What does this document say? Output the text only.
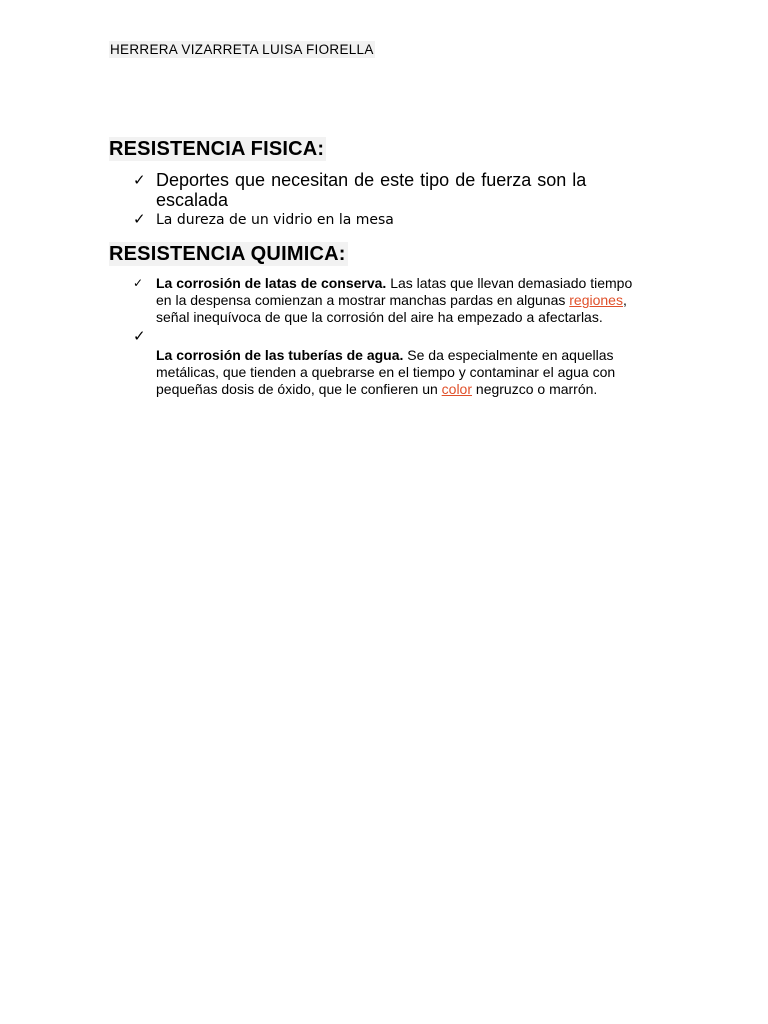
HERRERA VIZARRETA LUISA FIORELLA
RESISTENCIA FISICA:
✓ Deportes que necesitan de este tipo de fuerza son la escalada
✓ La dureza de un vidrio en la mesa
RESISTENCIA QUIMICA:
✓ La corrosión de latas de conserva. Las latas que llevan demasiado tiempo en la despensa comienzan a mostrar manchas pardas en algunas regiones, señal inequívoca de que la corrosión del aire ha empezado a afectarlas.
✓
La corrosión de las tuberías de agua. Se da especialmente en aquellas metálicas, que tienden a quebrarse en el tiempo y contaminar el agua con pequeñas dosis de óxido, que le confieren un color negruzco o marrón.
